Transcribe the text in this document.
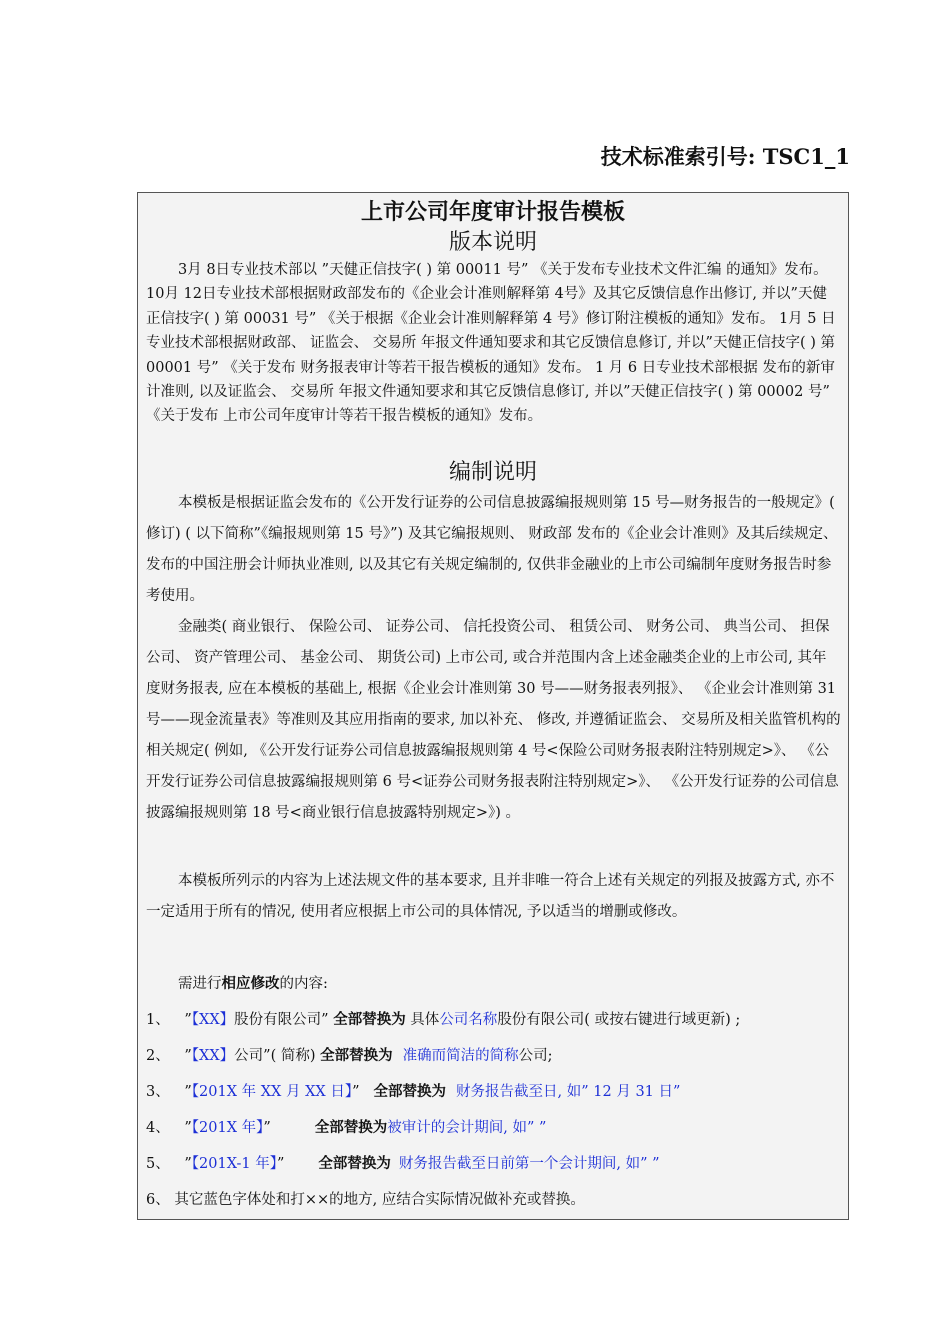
技术标准索引号: TSC1_1
上市公司年度审计报告模板
版本说明
3月 8日专业技术部以 ”天健正信技字( ) 第 00011 号” 《关于发布专业技术文件汇编 的通知》发布。 10月 12日专业技术部根据财政部发布的《企业会计准则解释第 4号》及其它反馈信息作出修订, 并以”天健正信技字( ) 第 00031 号” 《关于根据《企业会计准则解释第 4 号》修订附注模板的通知》发布。 1月 5 日专业技术部根据财政部、 证监会、 交易所 年报文件通知要求和其它反馈信息修订, 并以”天健正信技字( ) 第 00001 号” 《关于发布 财务报表审计等若干报告模板的通知》发布。 1 月 6 日专业技术部根据 发布的新审计准则, 以及证监会、 交易所 年报文件通知要求和其它反馈信息修订, 并以”天健正信技字( ) 第 00002 号” 《关于发布 上市公司年度审计等若干报告模板的通知》发布。
编制说明
本模板是根据证监会发布的《公开发行证券的公司信息披露编报规则第 15 号—财务报告的一般规定》( 修订) ( 以下简称”《编报规则第 15 号》”) 及其它编报规则、 财政部 发布的《企业会计准则》及其后续规定、 发布的中国注册会计师执业准则, 以及其它有关规定编制的, 仅供非金融业的上市公司编制年度财务报告时参考使用。
金融类( 商业银行、 保险公司、 证券公司、 信托投资公司、 租赁公司、 财务公司、 典当公司、 担保公司、 资产管理公司、 基金公司、 期货公司) 上市公司, 或合并范围内含上述金融类企业的上市公司, 其年度财务报表, 应在本模板的基础上, 根据《企业会计准则第 30 号——财务报表列报》、 《企业会计准则第 31 号——现金流量表》等准则及其应用指南的要求, 加以补充、 修改, 并遵循证监会、 交易所及相关监管机构的相关规定( 例如, 《公开发行证券公司信息披露编报规则第 4 号<保险公司财务报表附注特别规定>》、 《公开发行证券公司信息披露编报规则第 6 号<证券公司财务报表附注特别规定>》、 《公开发行证券的公司信息披露编报规则第 18 号<商业银行信息披露特别规定>》) 。
本模板所列示的内容为上述法规文件的基本要求, 且并非唯一符合上述有关规定的列报及披露方式, 亦不一定适用于所有的情况, 使用者应根据上市公司的具体情况, 予以适当的增删或修改。
需进行相应修改的内容:
1、 ”【XX】股份有限公司” 全部替换为 具体公司名称股份有限公司( 或按右键进行域更新) ;
2、 ”【XX】公司”( 简称) 全部替换为 准确而简洁的简称公司;
3、 ”【201X 年 XX 月 XX 日】” 全部替换为 财务报告截至日, 如” 12 月 31 日”
4、 ”【201X 年】”	全部替换为被审计的会计期间, 如” ”
5、 ”【201X-1 年】” 全部替换为 财务报告截至日前第一个会计期间, 如” ”
6、 其它蓝色字体处和打××的地方, 应结合实际情况做补充或替换。
